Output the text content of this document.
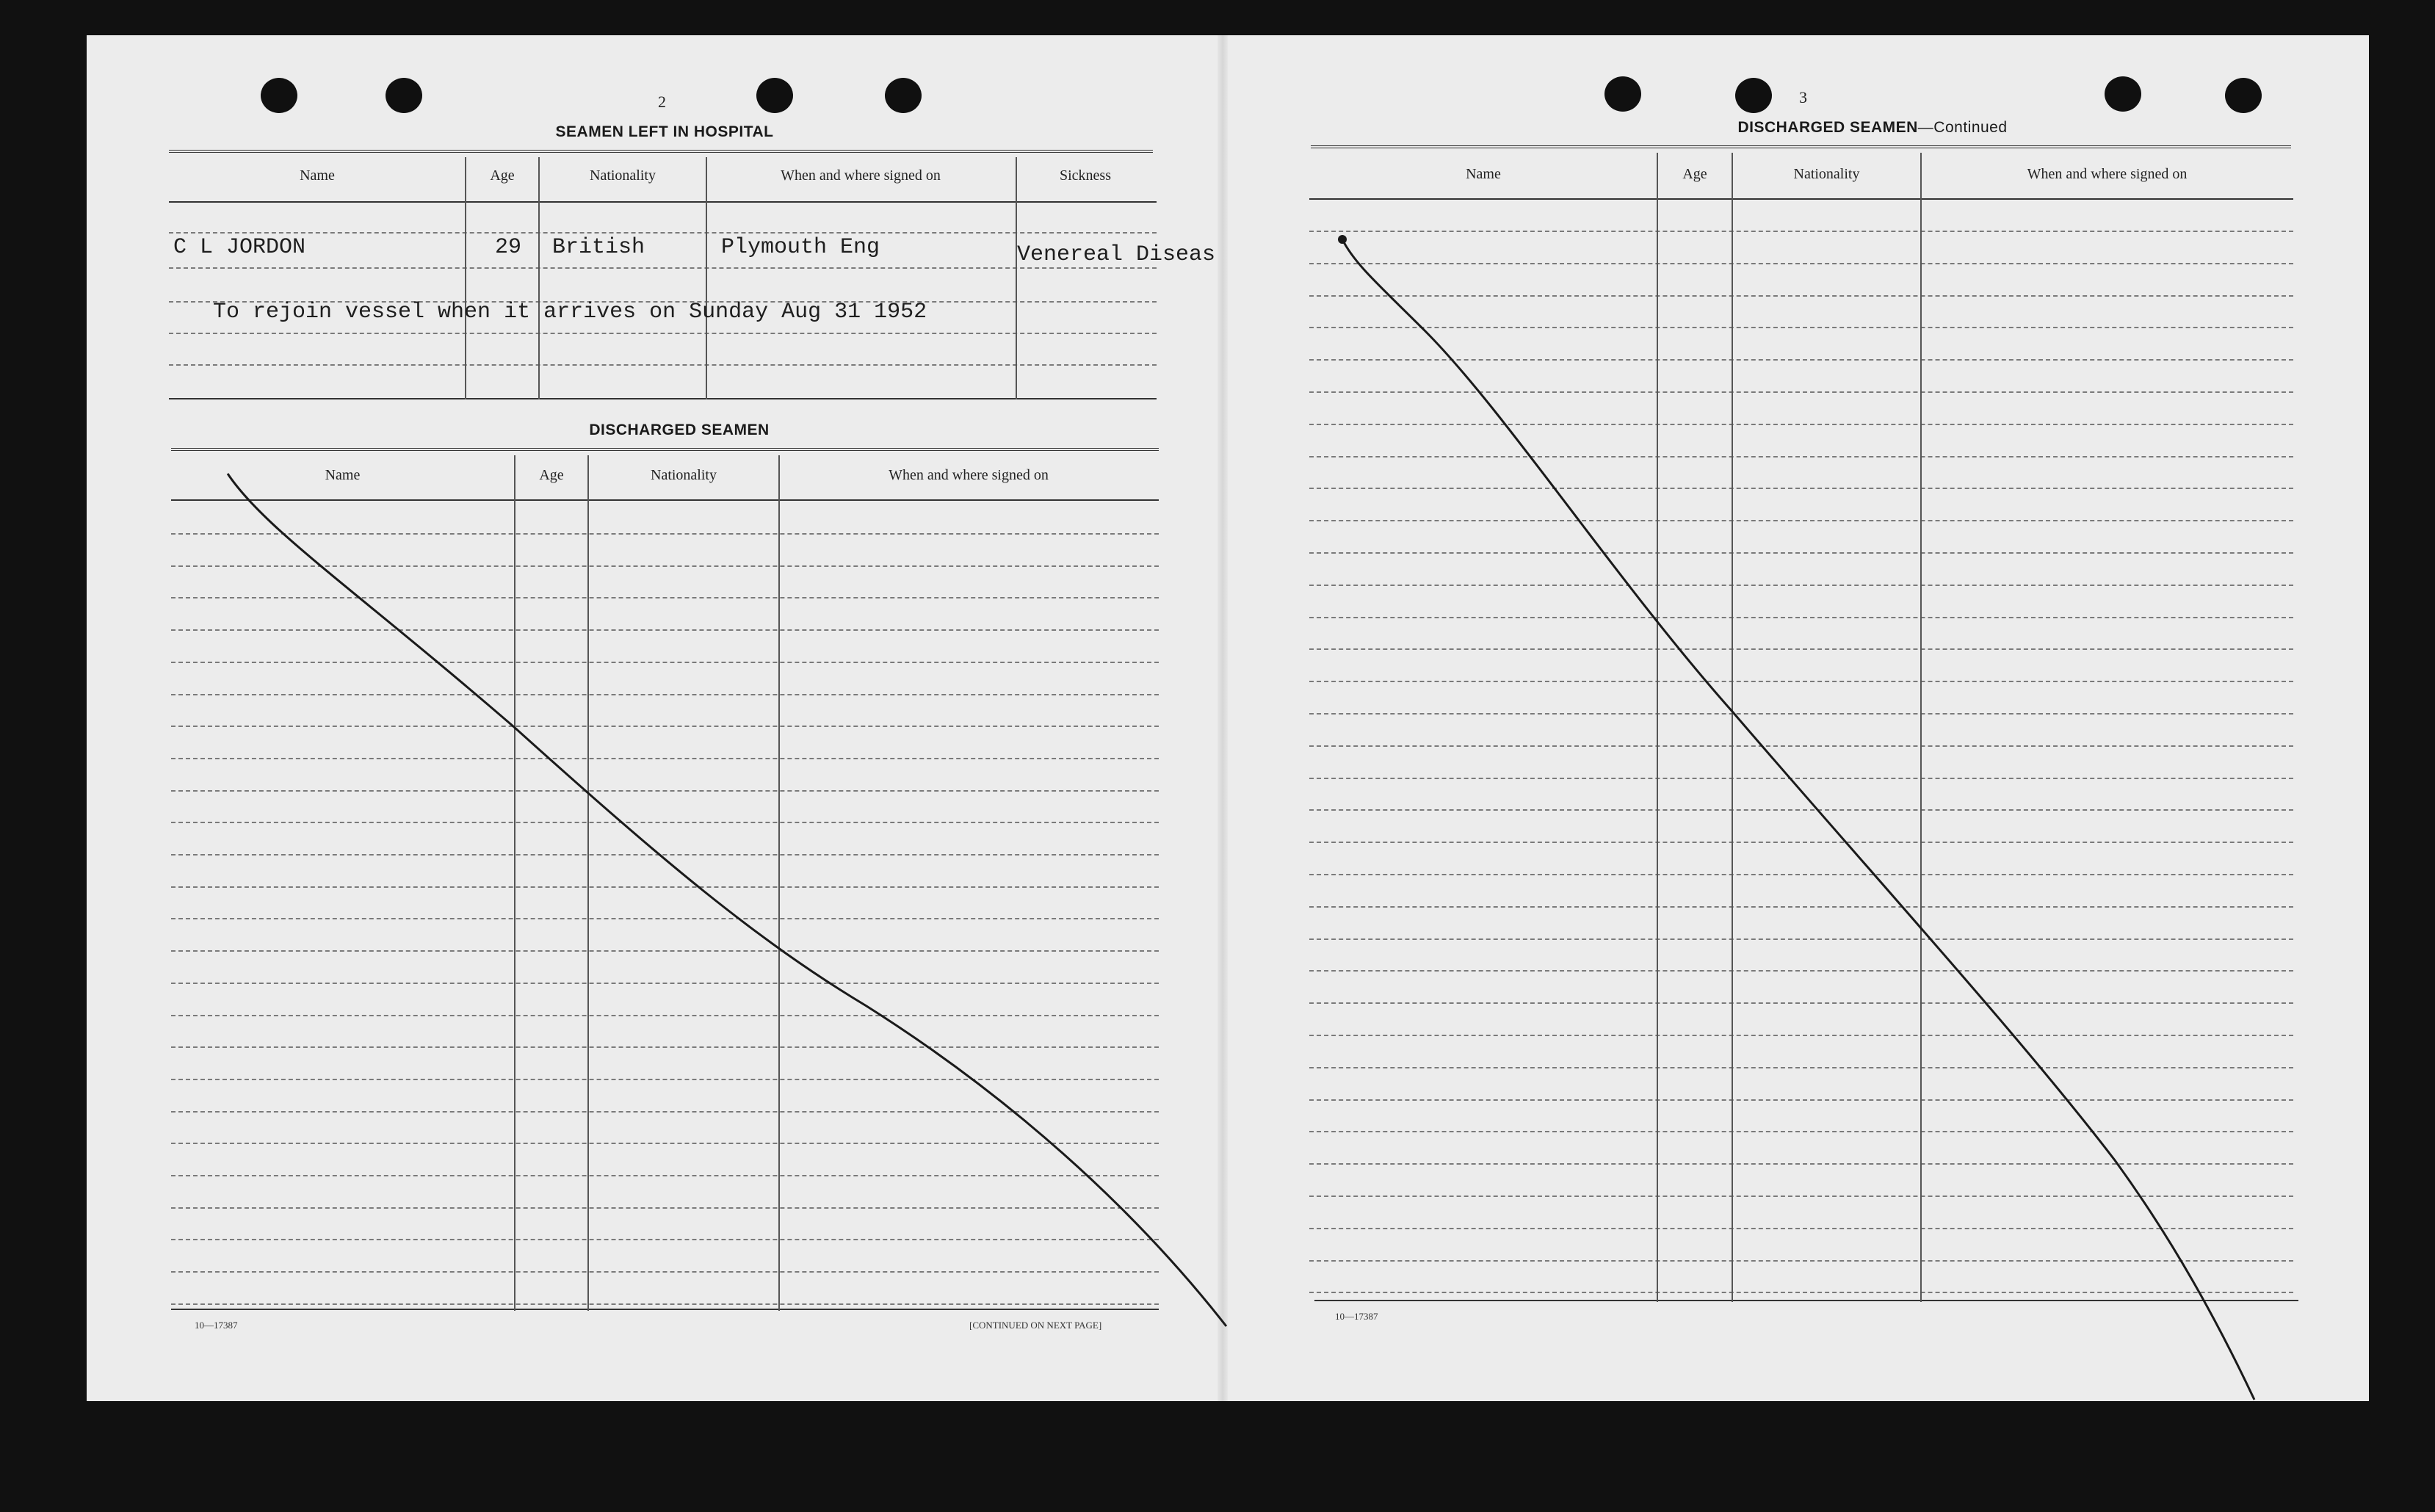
2
SEAMEN LEFT IN HOSPITAL
Name	Age	Nationality	When and where signed on	Sickness
C L JORDON	29 British	Plymouth Eng	Venereal Diseas
To rejoin vessel when it arrives on Sunday Aug 31 1952
DISCHARGED SEAMEN
Name	Age	Nationality	When and where signed on
10—17387	[CONTINUED ON NEXT PAGE]
3
DISCHARGED SEAMEN—Continued
Name	Age	Nationality	When and where signed on
10—17387
